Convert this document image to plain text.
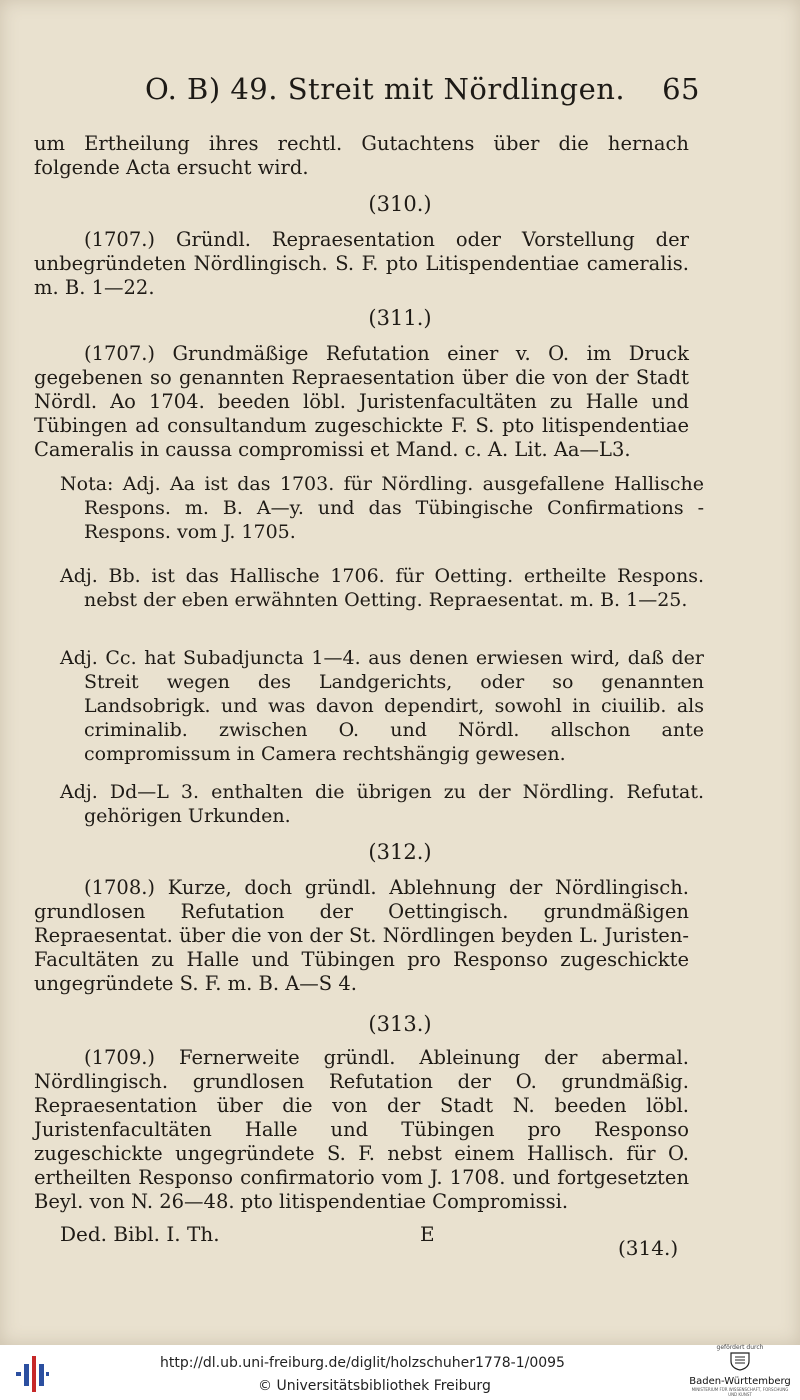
O. B) 49. Streit mit Nördlingen. 65

um Ertheilung ihres rechtl. Gutachtens über die hernach folgende Acta ersucht wird.

(310.)

(1707.) Gründl. Repraesentation oder Vorstellung der unbegründeten Nördlingisch. S. F. pto Litispendentiae cameralis. m. B. 1—22.

(311.)

(1707.) Grundmäßige Refutation einer v. O. im Druck gegebenen so genannten Repraesentation über die von der Stadt Nördl. Ao 1704. beeden löbl. Juristenfacultäten zu Halle und Tübingen ad consultandum zugeschickte F. S. pto litispendentiae Cameralis in caussa compromissi et Mand. c. A. Lit. Aa—L3.

Nota: Adj. Aa ist das 1703. für Nördling. ausgefallene Hallische Respons. m. B. A—y. und das Tübingische Confirmations - Respons. vom J. 1705.
Adj. Bb. ist das Hallische 1706. für Oetting. ertheilte Respons. nebst der eben erwähnten Oetting. Repraesentat. m. B. 1—25.
Adj. Cc. hat Subadjuncta 1—4. aus denen erwiesen wird, daß der Streit wegen des Landgerichts, oder so genannten Landsobrigk. und was davon dependirt, sowohl in ciuilib. als criminalib. zwischen O. und Nördl. allschon ante compromissum in Camera rechtshängig gewesen.
Adj. Dd—L 3. enthalten die übrigen zu der Nördling. Refutat. gehörigen Urkunden.
(312.)

(1708.) Kurze, doch gründl. Ablehnung der Nördlingisch. grundlosen Refutation der Oettingisch. grundmäßigen Repraesentat. über die von der St. Nördlingen beyden L. Juristen-Facultäten zu Halle und Tübingen pro Responso zugeschickte ungegründete S. F. m. B. A—S 4.

(313.)

(1709.) Fernerweite gründl. Ableinung der abermal. Nördlingisch. grundlosen Refutation der O. grundmäßig. Repraesentation über die von der Stadt N. beeden löbl. Juristenfacultäten Halle und Tübingen pro Responso zugeschickte ungegründete S. F. nebst einem Hallisch. für O. ertheilten Responso confirmatorio vom J. 1708. und fortgesetzten Beyl. von N. 26—48. pto litispendentiae Compromissi.

Ded. Bibl. I. Th.	E
(314.)
http://dl.ub.uni-freiburg.de/diglit/holzschuher1778-1/0095
© Universitätsbibliothek Freiburg
gefördert durch
Baden-Württemberg
MINISTERIUM FÜR WISSENSCHAFT, FORSCHUNG UND KUNST
